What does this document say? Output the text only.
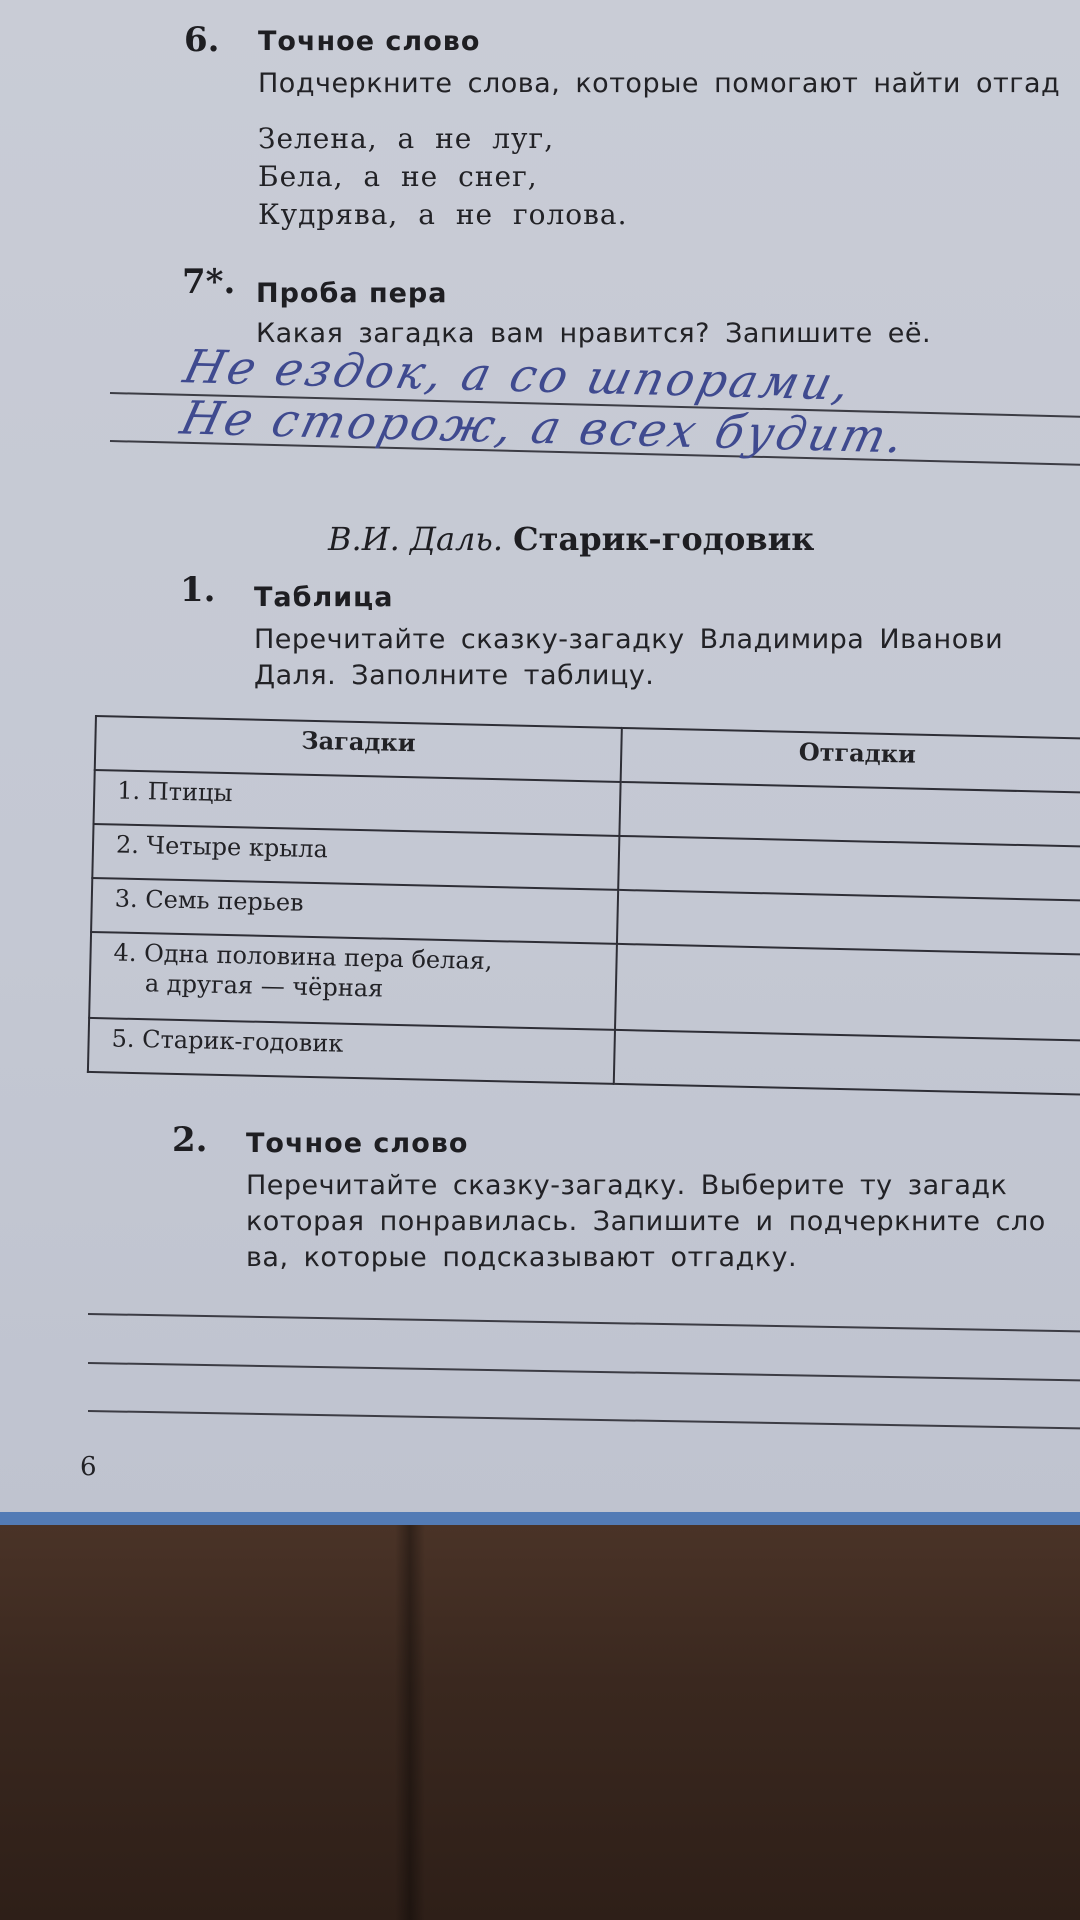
6. Точное слово
Подчеркните слова, которые помогают найти отгад
Зелена, а не луг,
Бела, а не снег,
Кудрява, а не голова.
7*. Проба пера
Какая загадка вам нравится? Запишите её.
Не ездок, а со шпорами,
Не сторож, а всех будит.
В.И. Даль. Старик-годовик
1. Таблица
Перечитайте сказку-загадку Владимира Иванови
Даля. Заполните таблицу.
Загадки	Отгадки
1. Птицы	
2. Четыре крыла	
3. Семь перьев	

4. Одна половина пера белая,
а другая — чёрная	

5. Старик-годовик	
2. Точное слово
Перечитайте сказку-загадку. Выберите ту загадк
которая понравилась. Запишите и подчеркните сло
ва, которые подсказывают отгадку.
6
